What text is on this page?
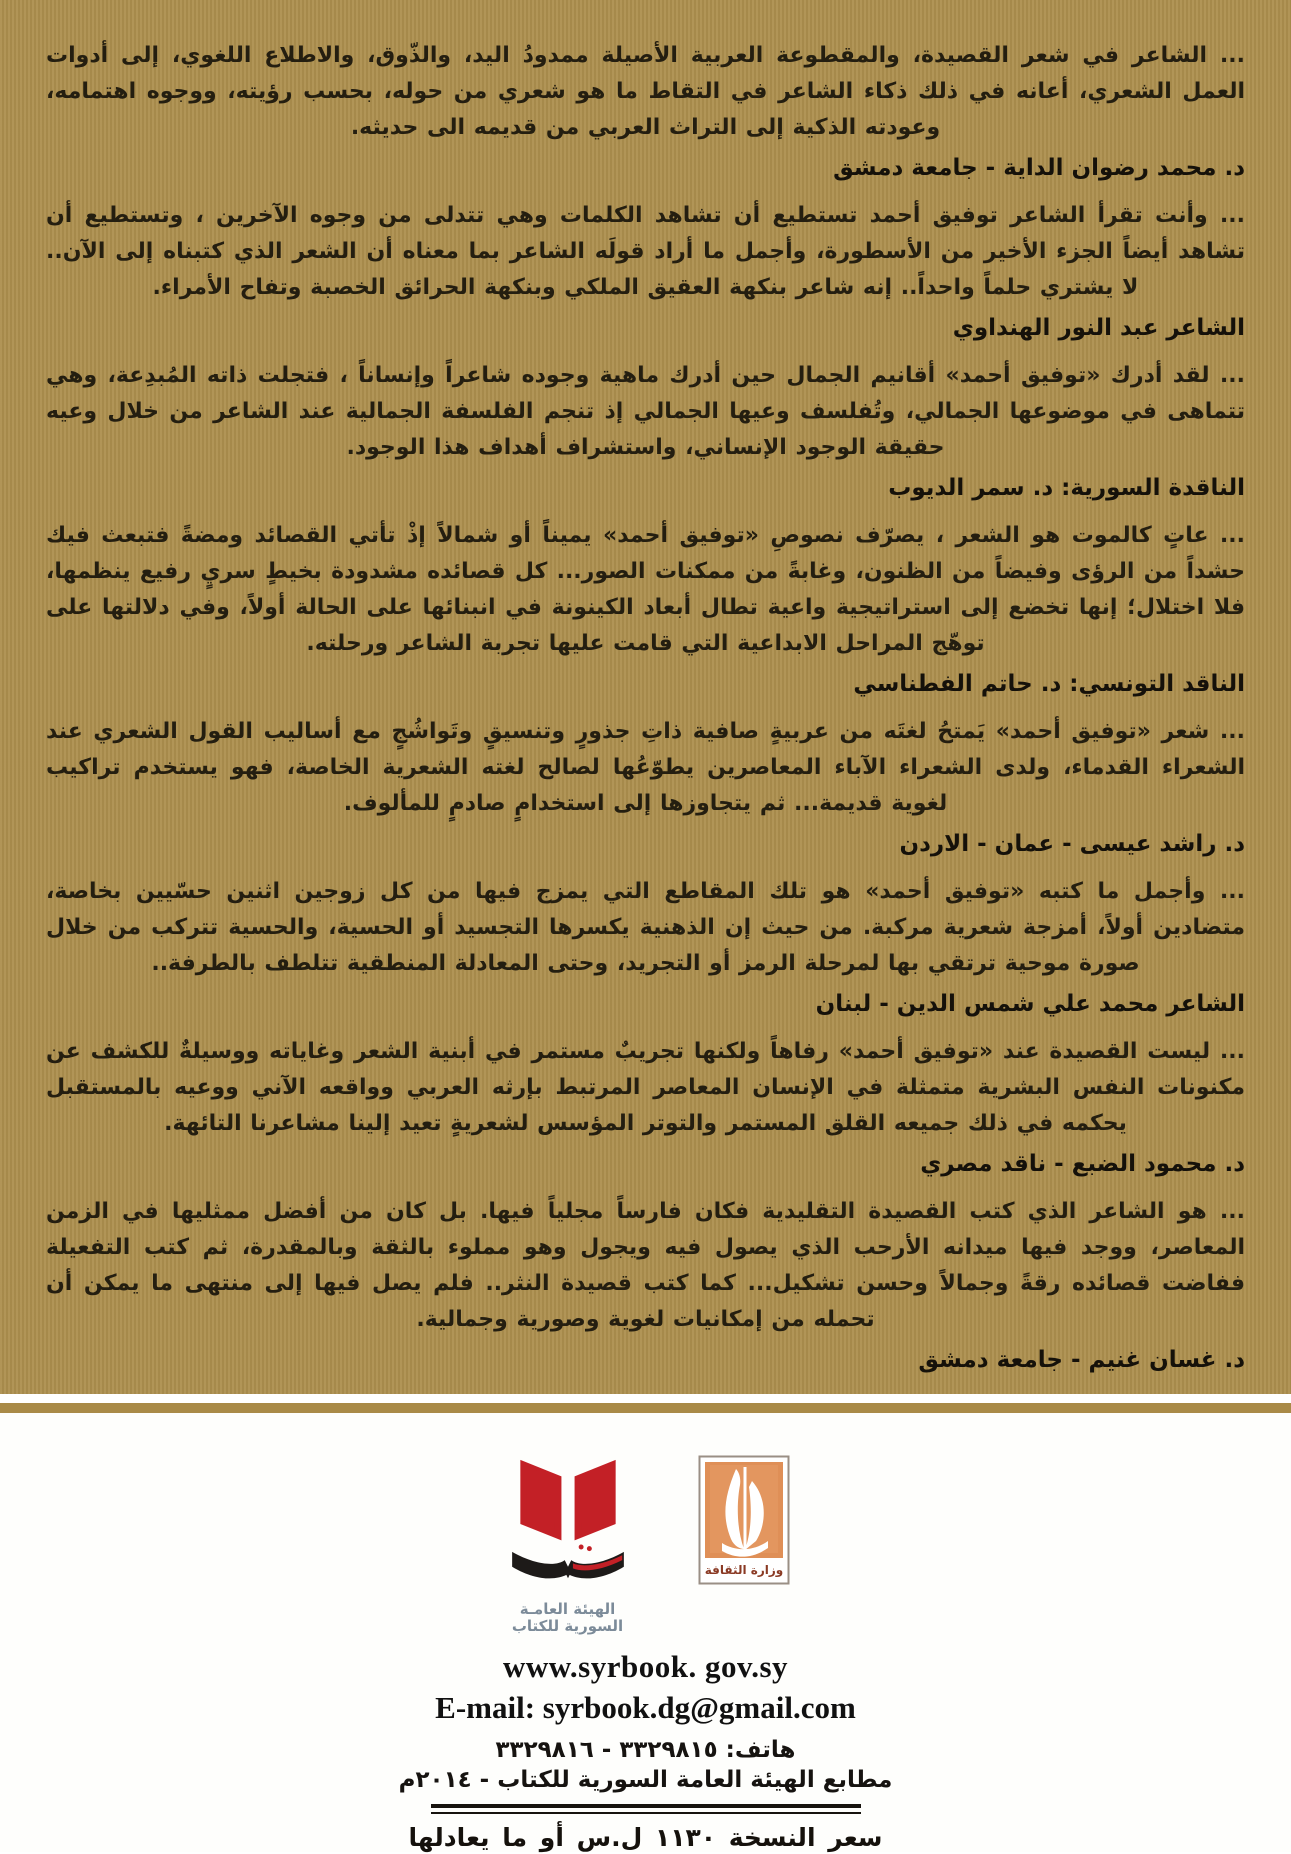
... الشاعر في شعر القصيدة، والمقطوعة العربية الأصيلة ممدودُ اليد، والذّوق، والاطلاع اللغوي، إلى أدوات العمل الشعري، أعانه في ذلك ذكاء الشاعر في التقاط ما هو شعري من حوله، بحسب رؤيته، ووجوه اهتمامه، وعودته الذكية إلى التراث العربي من قديمه الى حديثه.

د. محمد رضوان الداية - جامعة دمشق

... وأنت تقرأ الشاعر توفيق أحمد تستطيع أن تشاهد الكلمات وهي تتدلى من وجوه الآخرين ، وتستطيع أن تشاهد أيضاً الجزء الأخير من الأسطورة، وأجمل ما أراد قولَه الشاعر بما معناه أن الشعر الذي كتبناه إلى الآن.. لا يشتري حلماً واحداً.. إنه شاعر بنكهة العقيق الملكي وبنكهة الحرائق الخصبة وتفاح الأمراء.

الشاعر عبد النور الهنداوي

... لقد أدرك «توفيق أحمد» أقانيم الجمال حين أدرك ماهية وجوده شاعراً وإنساناً ، فتجلت ذاته المُبدِعة، وهي تتماهى في موضوعها الجمالي، وتُفلسف وعيها الجمالي إذ تنجم الفلسفة الجمالية عند الشاعر من خلال وعيه حقيقة الوجود الإنساني، واستشراف أهداف هذا الوجود.

الناقدة السورية: د. سمر الديوب

... عاتٍ كالموت هو الشعر ، يصرّف نصوصِ «توفيق أحمد» يميناً أو شمالاً إذْ تأتي القصائد ومضةً فتبعث فيك حشداً من الرؤى وفيضاً من الظنون، وغابةً من ممكنات الصور... كل قصائده مشدودة بخيطٍ سريٍ رفيع ينظمها، فلا اختلال؛ إنها تخضع إلى استراتيجية واعية تطال أبعاد الكينونة في انبنائها على الحالة أولاً، وفي دلالتها على توهّج المراحل الابداعية التي قامت عليها تجربة الشاعر ورحلته.

الناقد التونسي: د. حاتم الفطناسي

... شعر «توفيق أحمد» يَمتحُ لغتَه من عربيةٍ صافية ذاتِ جذورٍ وتنسيقٍ وتَواشُجٍ مع أساليب القول الشعري عند الشعراء القدماء، ولدى الشعراء الآباء المعاصرين يطوّعُها لصالح لغته الشعرية الخاصة، فهو يستخدم تراكيب لغوية قديمة... ثم يتجاوزها إلى استخدامٍ صادمٍ للمألوف.

د. راشد عيسى - عمان - الاردن

... وأجمل ما كتبه «توفيق أحمد» هو تلك المقاطع التي يمزج فيها من كل زوجين اثنين حسّيين بخاصة، متضادين أولاً، أمزجة شعرية مركبة. من حيث إن الذهنية يكسرها التجسيد أو الحسية، والحسية تتركب من خلال صورة موحية ترتقي بها لمرحلة الرمز أو التجريد، وحتى المعادلة المنطقية تتلطف بالطرفة..

الشاعر محمد علي شمس الدين - لبنان

... ليست القصيدة عند «توفيق أحمد» رفاهاً ولكنها تجريبٌ مستمر في أبنية الشعر وغاياته ووسيلةٌ للكشف عن مكنونات النفس البشرية متمثلة في الإنسان المعاصر المرتبط بإرثه العربي وواقعه الآني ووعيه بالمستقبل يحكمه في ذلك جميعه القلق المستمر والتوتر المؤسس لشعريةٍ تعيد إلينا مشاعرنا التائهة.

د. محمود الضبع - ناقد مصري

... هو الشاعر الذي كتب القصيدة التقليدية فكان فارساً مجلياً فيها. بل كان من أفضل ممثليها في الزمن المعاصر، ووجد فيها ميدانه الأرحب الذي يصول فيه ويجول وهو مملوء بالثقة وبالمقدرة، ثم كتب التفعيلة ففاضت قصائده رقةً وجمالاً وحسن تشكيل... كما كتب قصيدة النثر.. فلم يصل فيها إلى منتهى ما يمكن أن تحمله من إمكانيات لغوية وصورية وجمالية.

د. غسان غنيم - جامعة دمشق
الهيئة العامـة
السورية للكتاب
وزارة الثقافة
www.syrbook. gov.sy
E-mail: syrbook.dg@gmail.com
هاتف: ٣٣٢٩٨١٥ - ٣٣٢٩٨١٦
مطابع الهيئة العامة السورية للكتاب - ٢٠١٤م
سعر النسخة ١١٣٠ ل.س أو ما يعادلها
